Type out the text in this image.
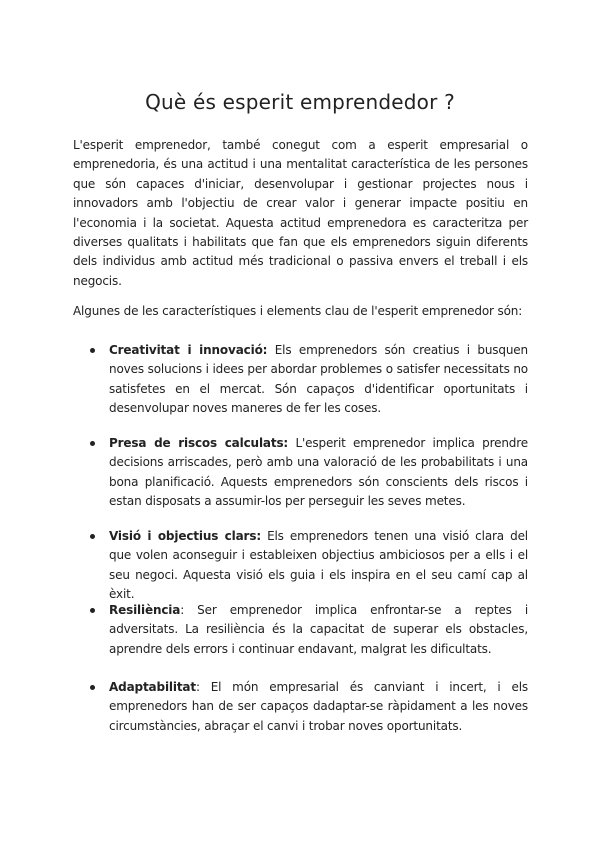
Què és esperit emprendedor ?

L'esperit emprenedor, també conegut com a esperit empresarial o emprenedoria, és una actitud i una mentalitat característica de les persones que són capaces d'iniciar, desenvolupar i gestionar projectes nous i innovadors amb l'objectiu de crear valor i generar impacte positiu en l'economia i la societat. Aquesta actitud emprenedora es caracteritza per diverses qualitats i habilitats que fan que els emprenedors siguin diferents dels individus amb actitud més tradicional o passiva envers el treball i els negocis.

Algunes de les característiques i elements clau de l'esperit emprenedor són:

Creativitat i innovació: Els emprenedors són creatius i busquen noves solucions i idees per abordar problemes o satisfer necessitats no satisfetes en el mercat. Són capaços d'identificar oportunitats i desenvolupar noves maneres de fer les coses.

Presa de riscos calculats: L'esperit emprenedor implica prendre decisions arriscades, però amb una valoració de les probabilitats i una bona planificació. Aquests emprenedors són conscients dels riscos i estan disposats a assumir-los per perseguir les seves metes.

Visió i objectius clars: Els emprenedors tenen una visió clara del que volen aconseguir i estableixen objectius ambiciosos per a ells i el seu negoci. Aquesta visió els guia i els inspira en el seu camí cap al èxit.

Resiliència: Ser emprenedor implica enfrontar-se a reptes i adversitats. La resiliència és la capacitat de superar els obstacles, aprendre dels errors i continuar endavant, malgrat les dificultats.

Adaptabilitat: El món empresarial és canviant i incert, i els emprenedors han de ser capaços dadaptar-se ràpidament a les noves circumstàncies, abraçar el canvi i trobar noves oportunitats.
